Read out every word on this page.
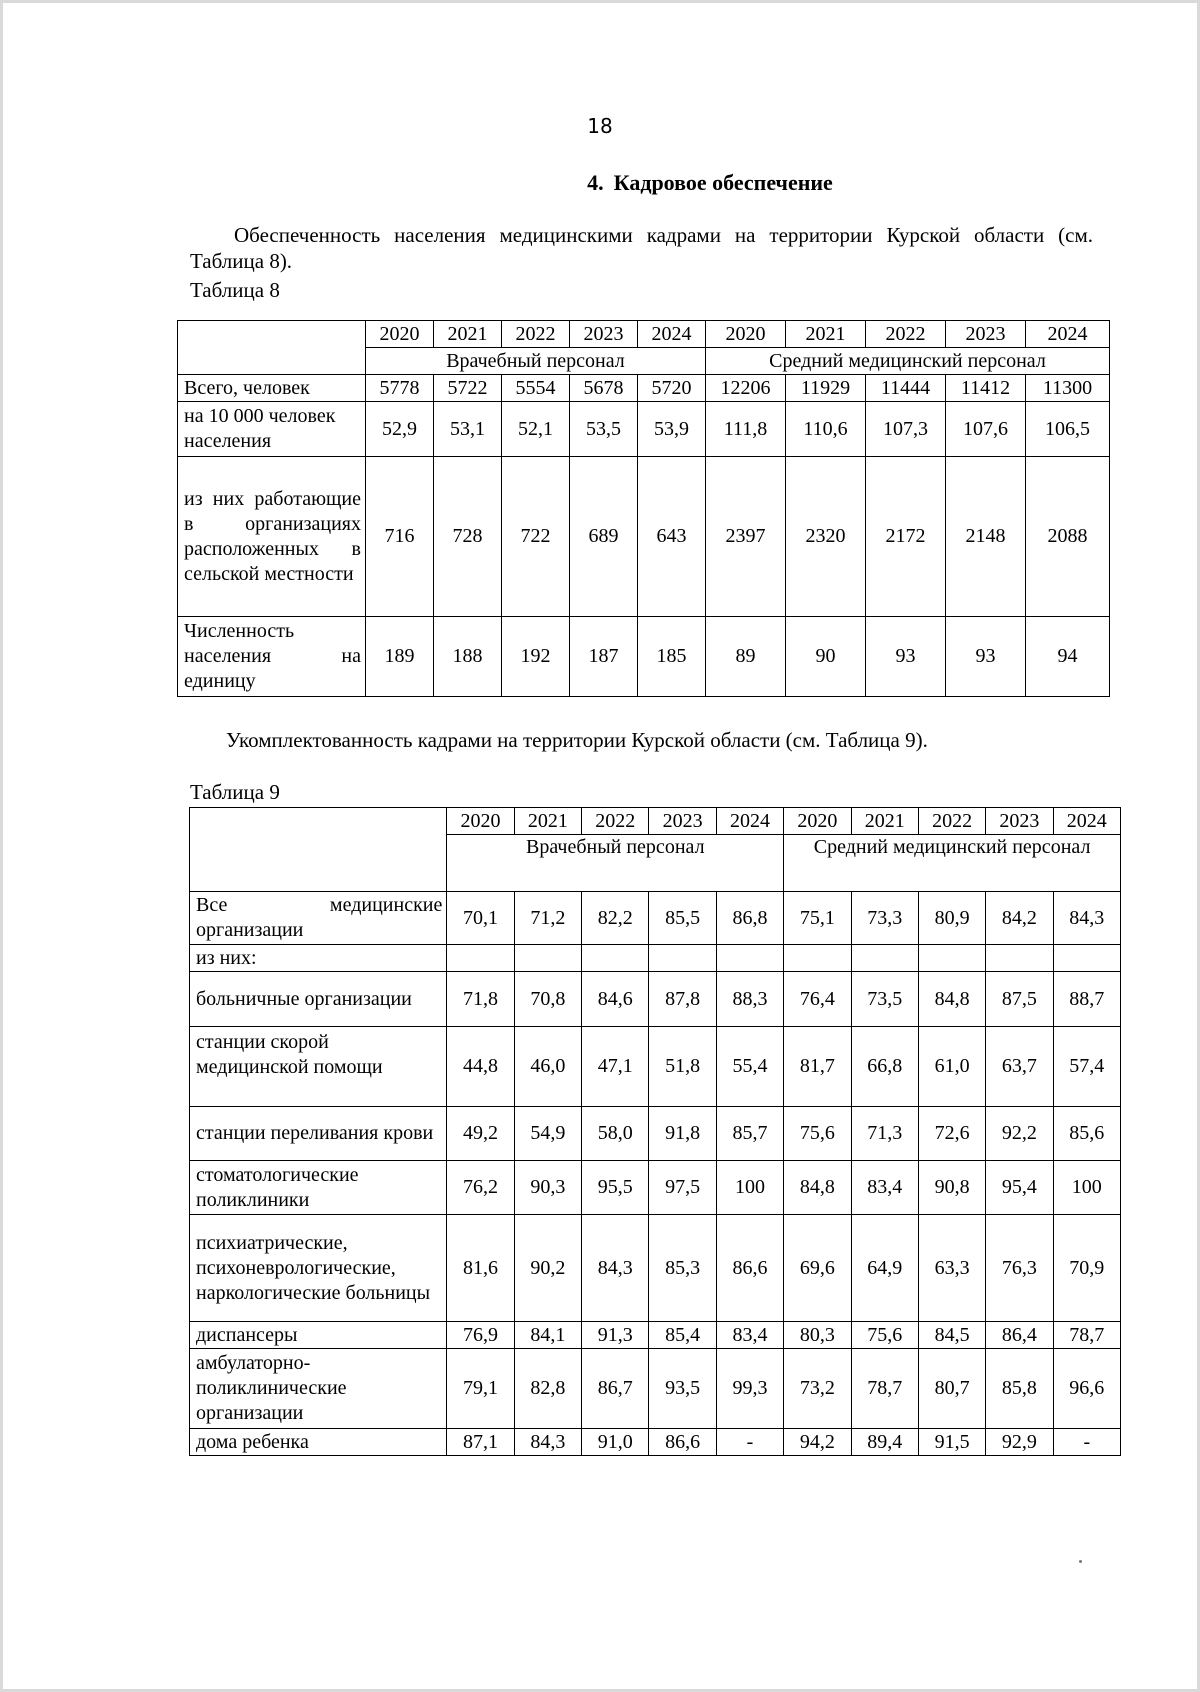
18
4. Кадровое обеспечение
Обеспеченность населения медицинскими кадрами на территории Курской области (см. Таблица 8).
Таблица 8
	2020	2021	2022	2023	2024	2020	2021	2022	2023	2024
	Врачебный персонал					Средний медицинский персонал				
Всего, человек	5778	5722	5554	5678	5720	12206	11929	11444	11412	11300
на 10 000 человек населения	52,9	53,1	52,1	53,5	53,9	111,8	110,6	107,3	107,6	106,5
из них работающие в организациях расположенных в сельской местности	716	728	722	689	643	2397	2320	2172	2148	2088
Численность населения на единицу	189	188	192	187	185	89	90	93	93	94
Укомплектованность кадрами на территории Курской области (см. Таблица 9).
Таблица 9
	2020	2021	2022	2023	2024	2020	2021	2022	2023	2024
	Врачебный персонал					Средний медицинский персонал				
Все медицинские организации	70,1	71,2	82,2	85,5	86,8	75,1	73,3	80,9	84,2	84,3
из них:										
больничные организации	71,8	70,8	84,6	87,8	88,3	76,4	73,5	84,8	87,5	88,7
станции скорой медицинской помощи	44,8	46,0	47,1	51,8	55,4	81,7	66,8	61,0	63,7	57,4
станции переливания крови	49,2	54,9	58,0	91,8	85,7	75,6	71,3	72,6	92,2	85,6
стоматологические поликлиники	76,2	90,3	95,5	97,5	100	84,8	83,4	90,8	95,4	100
психиатрические, психоневрологические, наркологические больницы	81,6	90,2	84,3	85,3	86,6	69,6	64,9	63,3	76,3	70,9
диспансеры	76,9	84,1	91,3	85,4	83,4	80,3	75,6	84,5	86,4	78,7
амбулаторно-поликлинические организации	79,1	82,8	86,7	93,5	99,3	73,2	78,7	80,7	85,8	96,6
дома ребенка	87,1	84,3	91,0	86,6	-	94,2	89,4	91,5	92,9	-
